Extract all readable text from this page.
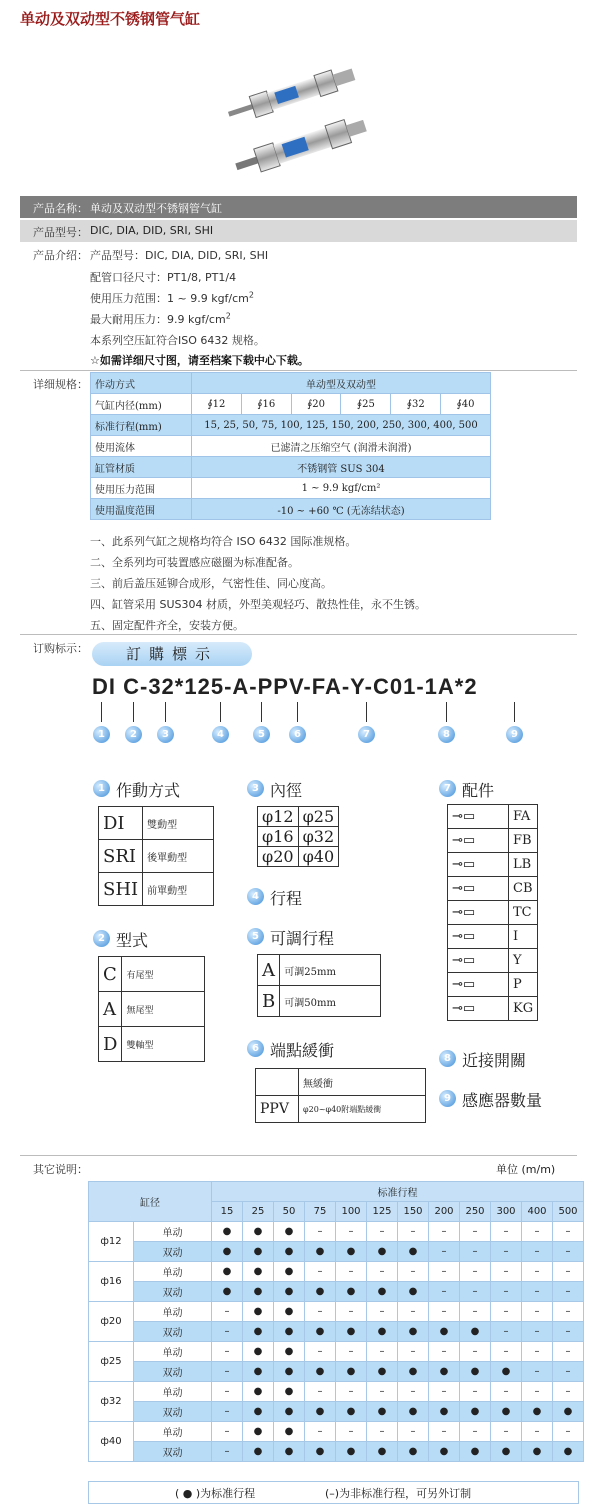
单动及双动型不锈钢管气缸
产品名称： 单动及双动型不锈钢管气缸
产品型号： DIC, DIA, DID, SRI, SHI
产品介绍： 产品型号：DIC, DIA, DID, SRI, SHI
配管口径尺寸：PT1/8, PT1/4
使用压力范围：1 ~ 9.9 kgf/$cm^2$
最大耐用压力：9.9 kgf/$cm^2$
本系列空压缸符合ISO 6432 规格。
☆如需详细尺寸图，请至档案下载中心下载。
详细规格： 作动方式	单动型及双动型					
气缸内径(mm)	∮12	∮16	∮20	∮25	∮32	∮40
标准行程(mm)	15, 25, 50, 75, 100, 125, 150, 200, 250, 300, 400, 500					
使用流体	已滤清之压缩空气 (润滑未润滑)					
缸管材质	不锈钢管 SUS 304					
使用压力范围	1 ~ 9.9 kgf/cm²					
使用温度范围	-10 ~ +60 ℃ (无冻结状态)					
一、此系列气缸之规格均符合 ISO 6432 国际准规格。
二、全系列均可装置感应磁圈为标准配备。
三、前后盖压延铆合成形，气密性佳、同心度高。
四、缸管采用 SUS304 材质，外型美观轻巧、散热性佳，永不生锈。
五、固定配件齐全，安装方便。
订购标示：	訂購標示
DI C-32*125-A-PPV-FA-Y-C01-1A*2
1	2	3	4	5	6	7	8	9
1 作動方式
DI	雙動型
SRI	後單動型
SHI	前單動型
2 型式
C	有尾型
A	無尾型
D	雙軸型
3 內徑
φ12	φ25
φ16	φ32
φ20	φ40
4 行程
5 可調行程
A	可調25mm
B	可調50mm
6 端點緩衝
	無緩衝
PPV	φ20~φ40附端點緩衝
7 配件
⊸▭	FA
⊸▭	FB
⊸▭	LB
⊸▭	CB
⊸▭	TC
⊸▭	I
⊸▭	Y
⊸▭	P
⊸▭	KG
8 近接開關
9 感應器數量
其它说明：	单位 (m/m)
缸径		标准行程											
		15	25	50	75	100	125	150	200	250	300	400	500
ф12	单动	●	●	●	–	–	–	–	–	–	–	–	–
	双动	●	●	●	●	●	●	●	–	–	–	–	–
ф16	单动	●	●	●	–	–	–	–	–	–	–	–	–
	双动	●	●	●	●	●	●	●	–	–	–	–	–
ф20	单动	–	●	●	–	–	–	–	–	–	–	–	–
	双动	–	●	●	●	●	●	●	●	●	–	–	–
ф25	单动	–	●	●	–	–	–	–	–	–	–	–	–
	双动	–	●	●	●	●	●	●	●	●	●	–	–
ф32	单动	–	●	●	–	–	–	–	–	–	–	–	–
	双动	–	●	●	●	●	●	●	●	●	●	●	●
ф40	单动	–	●	●	–	–	–	–	–	–	–	–	–
	双动	–	●	●	●	●	●	●	●	●	●	●	●
( ● )为标准行程	(–)为非标准行程，可另外订制
